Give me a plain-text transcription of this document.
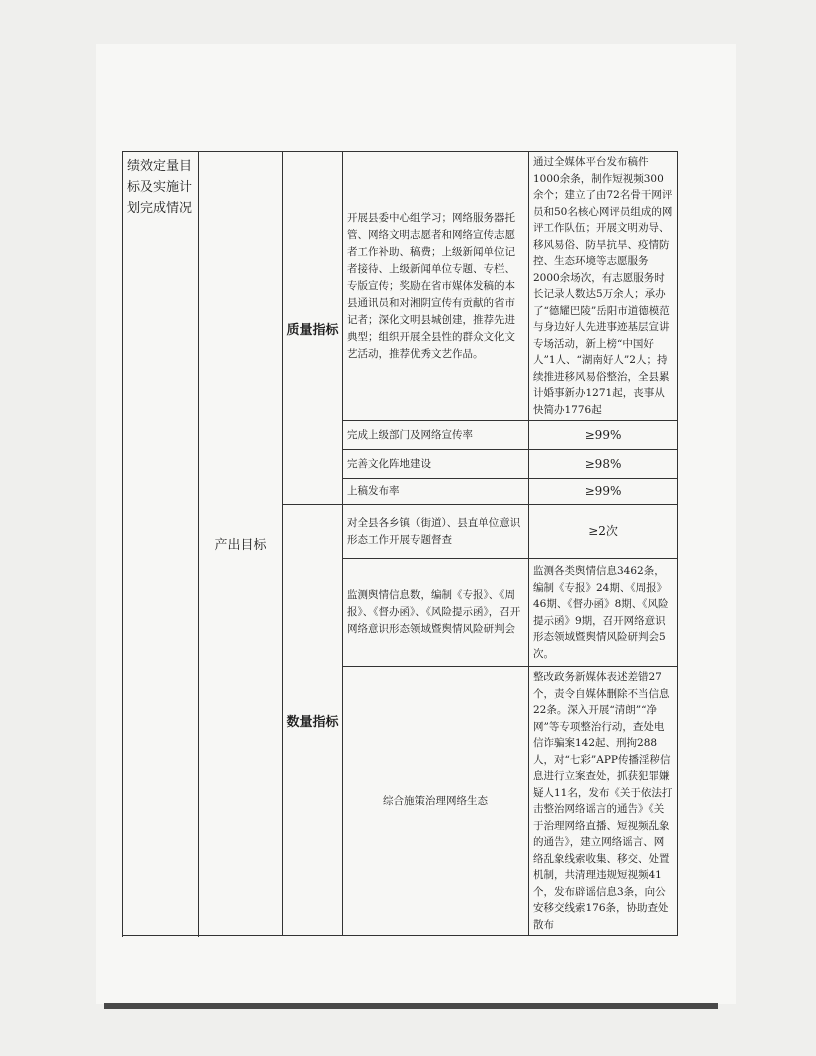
绩效定量目标及实施计划完成情况	产出目标	质量指标	开展县委中心组学习；网络服务器托管、网络文明志愿者和网络宣传志愿者工作补助、稿费；上级新闻单位记者接待、上级新闻单位专题、专栏、专版宣传；奖励在省市媒体发稿的本县通讯员和对湘阴宣传有贡献的省市记者；深化文明县城创建，推荐先进典型；组织开展全县性的群众文化文艺活动，推荐优秀文艺作品。	通过全媒体平台发布稿件1000余条，制作短视频300余个；建立了由72名骨干网评员和50名核心网评员组成的网评工作队伍；开展文明劝导、移风易俗、防旱抗旱、疫情防控、生态环境等志愿服务2000余场次，有志愿服务时长记录人数达5万余人；承办了“德耀巴陵”岳阳市道德模范与身边好人先进事迹基层宣讲专场活动，新上榜“中国好人”1人、“湖南好人”2人；持续推进移风易俗整治，全县累计婚事新办1271起，丧事从快简办1776起
			完成上级部门及网络宣传率	≥99%
			完善文化阵地建设	≥98%
			上稿发布率	≥99%
		数量指标	对全县各乡镇（街道）、县直单位意识形态工作开展专题督查	≥2次
			监测舆情信息数，编制《专报》、《周报》、《督办函》、《风险提示函》，召开网络意识形态领域暨舆情风险研判会	监测各类舆情信息3462条，编制《专报》24期、《周报》46期、《督办函》8期、《风险提示函》9期，召开网络意识形态领域暨舆情风险研判会5次。
			综合施策治理网络生态	整改政务新媒体表述差错27个，责令自媒体删除不当信息22条。深入开展“清朗”“净网”等专项整治行动，查处电信诈骗案142起、刑拘288人，对“七彩”APP传播淫秽信息进行立案查处，抓获犯罪嫌疑人11名，发布《关于依法打击整治网络谣言的通告》《关于治理网络直播、短视频乱象的通告》，建立网络谣言、网络乱象线索收集、移交、处置机制，共清理违规短视频41个，发布辟谣信息3条，向公安移交线索176条，协助查处散布
